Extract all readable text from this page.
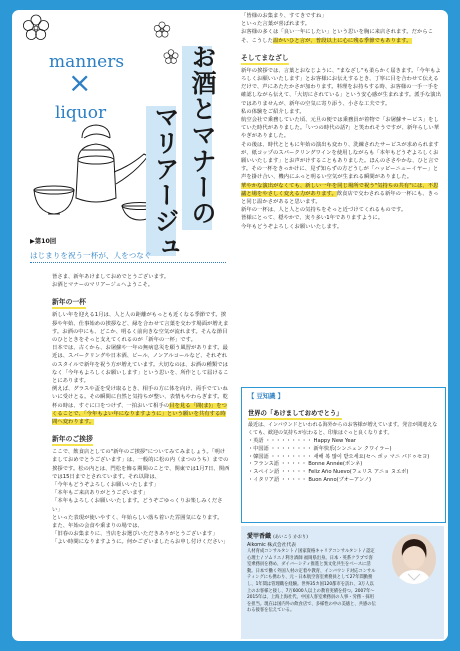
manners
×
liquor	お酒とマナーの
マリアージュ
▶第10回
はじまりを祝う一杯が、人をつなぐ

皆さま、新年あけましておめでとうございます。

お酒とマナーのマリアージュへようこそ。

新年の一杯

新しい年を迎える1月は、人と人の距離がもっとも近くなる季節です。挨拶や年始、仕事始めの挨拶など、縁を合わせて言葉を交わす場面が増えます。お酒の中にも、どこか、明るく前向きな空気が流れます。そんな節目のひとときをそっと支えてくれるのが「新年の一杯」です。

日本では、古くから、お屠蘇や一年の無病息災を願う風習があります。最近は、スパークリングや日本酒、ビール、ノンアルコールなど、それぞれのスタイルで新年を祝う方が増えています。大切なのは、お酒の種類ではなく「今年もよろしくお願いします」という思いを、所作として届けることにあります。

例えば、グラスや盃を受け取るとき、相手の方に体を向け、両手でていねいに受けとる。その瞬間に自然と気持ちが整い、表情もやわらぎます。乾杯の時は、すぐに口をつけず、一拍おいて相手の目を見る「間(ま)」をつくることで、「今年もよい年になりますように」という願いを共有する時間へ変わります。

新年のご挨拶

ここで、飲食店としての"新年のご挨拶"についてみてみましょう。「明けましておめでとうございます」は、一般的に松の内（まつのうち）までの挨拶です。松の内とは、門松を飾る期間のことで、関東では1月7日、関西では15日までとされています。それ以降は、

「今年もどうぞよろしくお願いいたします」

「本年もご来店ありがとうございます」

「本年もよろしくお願いいたします。どうぞごゆっくりお楽しみください」

といった表現が使いやすく、年始らしい落ち着いた雰囲気になります。

また、年始の会食や乗まりの場では、

「旧春のお集まりに、当店をお選びいただきありがとうございます」

「よい時間になりますように。何かございましたらお申し付けください」

「皆様のお集まり、すてきですね」

といった言葉が喜ばれます。

お客様の多くは「良い一年にしたい」という思いを胸に来店されます。だからこそ、こうした温かいひと言が、普段以上に心に残る季節でもあります。

そしてまなざし

新年の挨拶では、言葉とおなじように、"まなざし"も柔らかく届きます。「今年もよろしくお願いいたします」とお客様にお伝えするとき、丁寧に目を合わせて伝えるだけで、声にあたたかさが加わります。料理をお持ちする時、お客様の一手一手を確認しながら伝えて、「大切にされている」という安心感が生まれます。派手な演出ではありませんが、新年の空気に寄り添う、小さな工夫です。

私の体験をご紹介します。

航空会社で乗務していた頃、元旦の便では乗務員が着物で「お屠蘇サービス」をしていた時代がありました。「いつの時代の話?」と笑われそうですが、新年らしい華やぎがありました。

その後は、時代とともに年始の演出も変わり、洗練されたサービスが求められますが、紙コップのスパークリングワインを使用しながらも「本年もどうぞよろしくお願いいたします」とお声がけすることもありました。ほんのささやかな、ひと言です。その一杯をきっかけに、見ず知らずの方どうしが「ハッピーニューイヤー」と声を掛け合い、機内にふっと明るい空気が生まれる瞬間がありました。

華やかな演出がなくても、新しい一年を同じ場所で祝う"気持ちの共有"には、不思議と場をやさしく変える力があります。飲食店で交わされる新年の一杯にも、きっと同じ温かさがあると思います。

新年の一杯は、人と人との気持ちをそっと近づけてくれるものです。

皆様にとって、穏やかで、実り多い1年でありますように。

今年もどうぞよろしくお願いいたします。

【 豆知識 】
世界の「あけましておめでとう」
最近は、インバウンドといわれる海外からのお客様が増えています。発音が間違えなくても、歓迎の気持ちが伝わると、印象はぐっと良くなります。
・英語 ・・・・・・・・・ Happy New Year
・中国語 ・・・・・・・・ 新年快乐(シンニェン クワイラー)
・韓国語 ・・・・・・・・ 새해 복 많이 받으세요(セヘ ポッ マニ パドゥセヨ)
・フランス語 ・・・・・ Bonne Année(ボンネ)
・スペイン語 ・・・・・ Feliz Año Nuevo(フェリス アニョ ヌエボ)
・イタリア語 ・・・・・ Buon Anno(ブオーアンノ)
愛甲香織 (あいこう かおり)
Aikomic 株式会社代表
人材育成コンサルタント / 国家資格キャリアコンサルタント / 認定心理士 / ソムリエ / 利き酒師 福岡県出身。日本・英系クラブで客室乗務員を務め、ダイバーシティ推進と異文化共生をベースに活動。日本で働く外国人材の定着や教育、インバウンド対応コンサルティングにも携わり、元・日本航空客室乗務員として27年間勤務し、1年間は管理職を経験。世界35カ国120都市を訪れ、3万人以上のお客様と接し、7万6000人以上の教育実績を持つ。2007年〜2015年は、上海上海社代、中国人客室乗務員の人事・労務・採用を担当。現在は国内外の飲食店で、多様性の中の美徳と、共感の伝わる接客を伝えている。
